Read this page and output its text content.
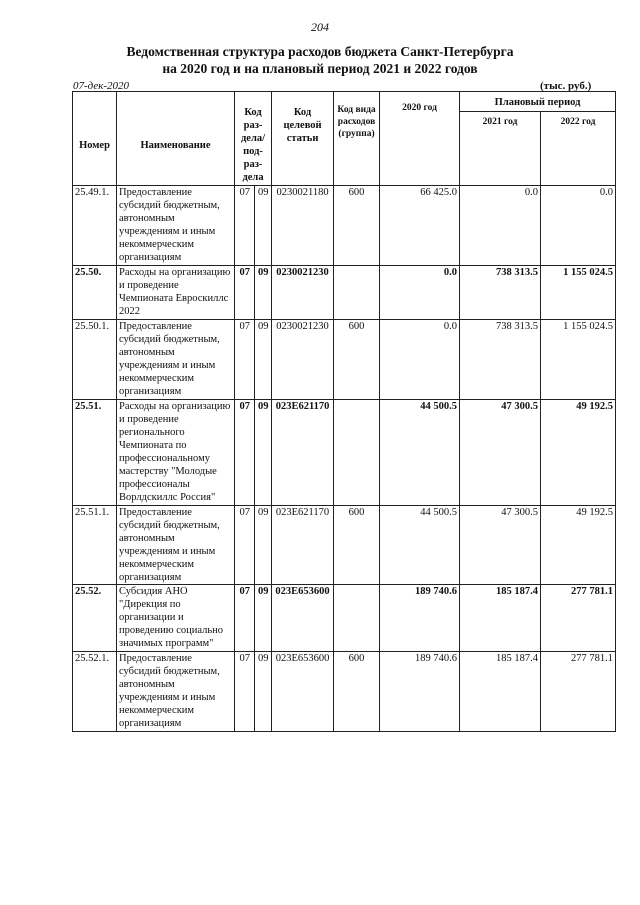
204
Ведомственная структура расходов бюджета Санкт-Петербурга
на 2020 год и на плановый период 2021 и 2022 годов
07-дек-2020	(тыс. руб.)
Номер	Наименование	Код раз-дела/ под-раз-дела		Код целевой статьи	Код вида расходов (группа)	2020 год	Плановый период	
							2021 год	2022 год
25.49.1.	Предоставление субсидий бюджетным, автономным учреждениям и иным некоммерческим организациям	07	09	0230021180	600	66 425.0	0.0	0.0
25.50.	Расходы на организацию и проведение Чемпионата Евроскиллс 2022	07	09	0230021230		0.0	738 313.5	1 155 024.5
25.50.1.	Предоставление субсидий бюджетным, автономным учреждениям и иным некоммерческим организациям	07	09	0230021230	600	0.0	738 313.5	1 155 024.5
25.51.	Расходы на организацию и проведение регионального Чемпионата по профессиональному мастерству "Молодые профессионалы Ворлдскиллс Россия"	07	09	023E621170		44 500.5	47 300.5	49 192.5
25.51.1.	Предоставление субсидий бюджетным, автономным учреждениям и иным некоммерческим организациям	07	09	023E621170	600	44 500.5	47 300.5	49 192.5
25.52.	Субсидия АНО "Дирекция по организации и проведению социально значимых программ"	07	09	023E653600		189 740.6	185 187.4	277 781.1
25.52.1.	Предоставление субсидий бюджетным, автономным учреждениям и иным некоммерческим организациям	07	09	023E653600	600	189 740.6	185 187.4	277 781.1
